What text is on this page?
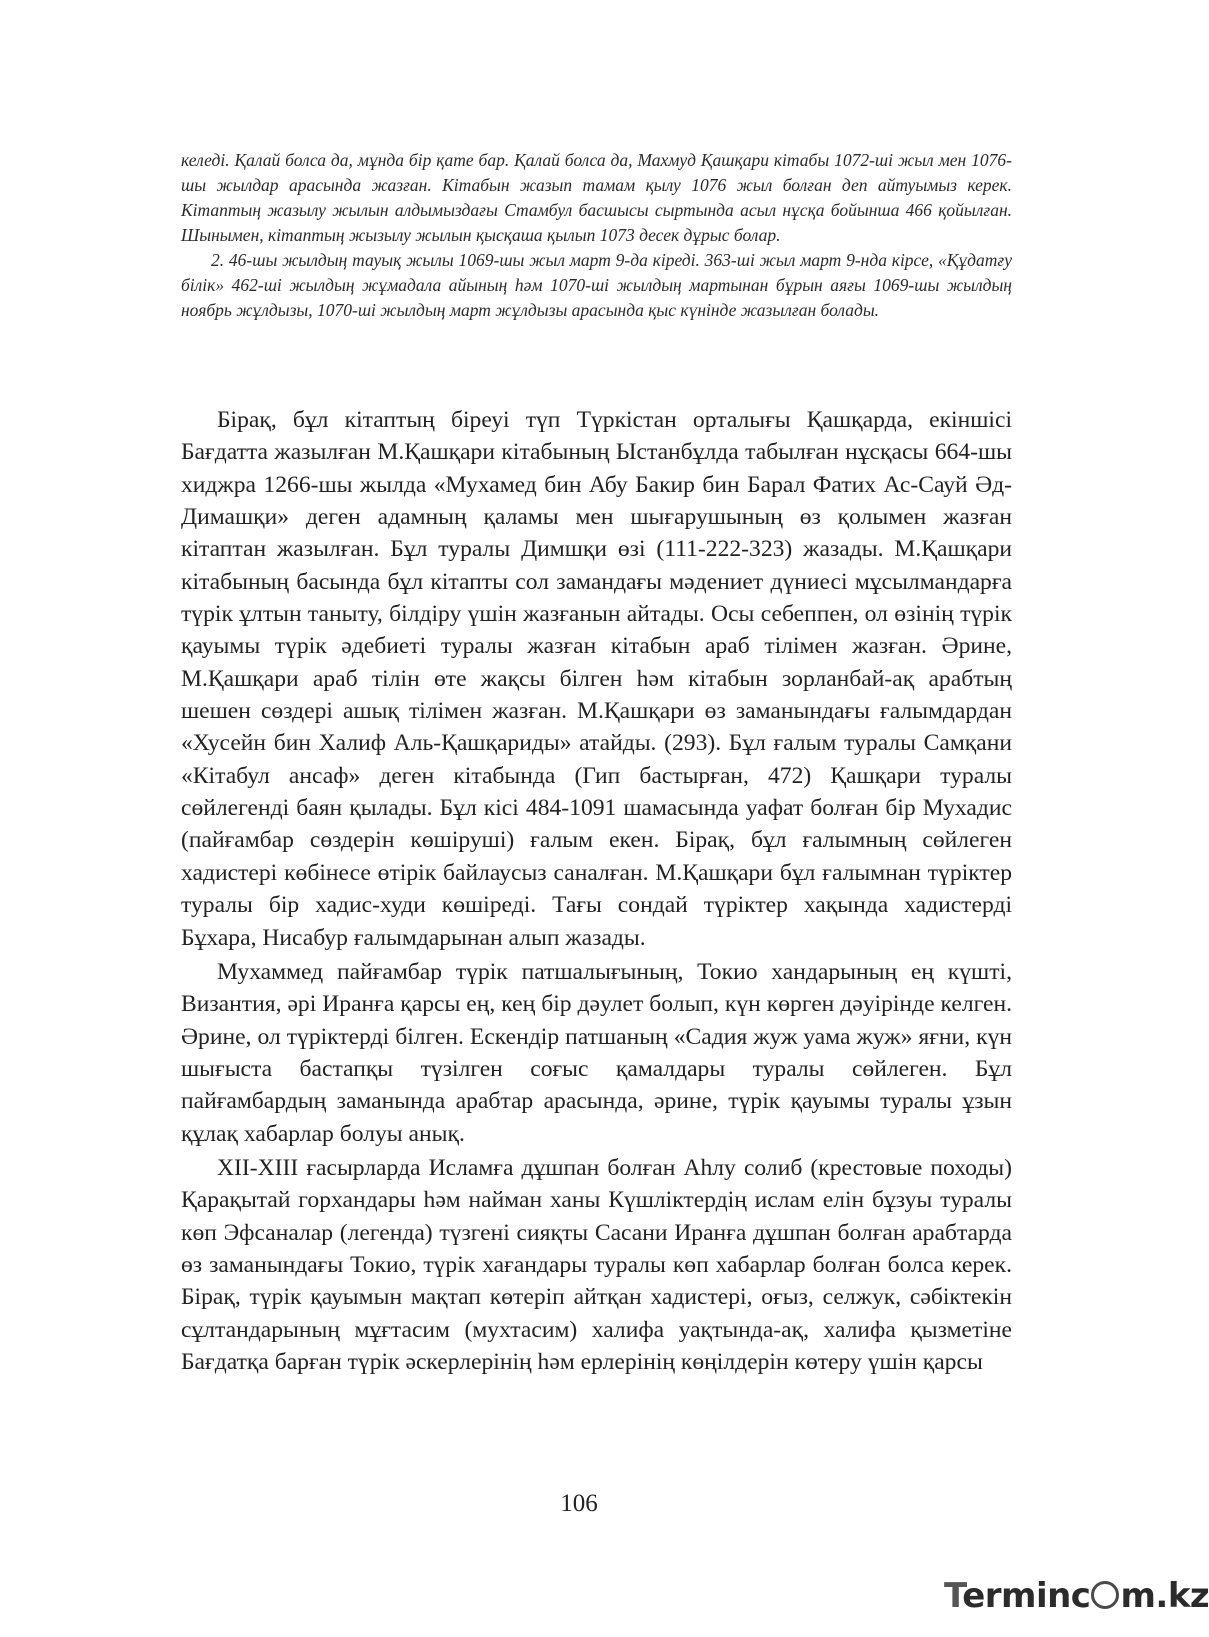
келеді. Қалай болса да, мұнда бір қате бар. Қалай болса да, Махмуд Қашқари кітабы 1072-ші жыл мен 1076-шы жылдар арасында жазған. Кітабын жазып тамам қылу 1076 жыл болған деп айтуымыз керек. Кітаптың жазылу жылын алдымыздағы Стамбул басшысы сыртында асыл нұсқа бойынша 466 қойылған. Шынымен, кітаптың жызылу жылын қысқаша қылып 1073 десек дұрыс болар.

2. 46-шы жылдың тауық жылы 1069-шы жыл март 9-да кіреді. 363-ші жыл март 9-нда кірсе, «Құдатғу білік» 462-ші жылдың жұмадала айының һәм 1070-ші жылдың мартынан бұрын аяғы 1069-шы жылдың ноябрь жұлдызы, 1070-ші жылдың март жұлдызы арасында қыс күнінде жазылған болады.

Бірақ, бұл кітаптың біреуі түп Түркістан орталығы Қашқарда, екіншісі Бағдатта жазылған М.Қашқари кітабының Ыстанбұлда табылған нұсқасы 664-шы хиджра 1266-шы жылда «Мухамед бин Абу Бакир бин Барал Фатих Ас-Сауй Әд-Димашқи» деген адамның қаламы мен шығарушының өз қолымен жазған кітаптан жазылған. Бұл туралы Димшқи өзі (111-222-323) жазады. М.Қашқари кітабының басында бұл кітапты сол замандағы мәдениет дүниесі мұсылмандарға түрік ұлтын таныту, білдіру үшін жазғанын айтады. Осы себеппен, ол өзінің түрік қауымы түрік әдебиеті туралы жазған кітабын араб тілімен жазған. Әрине, М.Қашқари араб тілін өте жақсы білген һәм кітабын зорланбай-ақ арабтың шешен сөздері ашық тілімен жазған. М.Қашқари өз заманындағы ғалымдардан «Хусейн бин Халиф Аль-Қашқариды» атайды. (293). Бұл ғалым туралы Самқани «Кітабул ансаф» деген кітабында (Гип бастырған, 472) Қашқари туралы сөйлегенді баян қылады. Бұл кісі 484-1091 шамасында уафат болған бір Мухадис (пайғамбар сөздерін көшіруші) ғалым екен. Бірақ, бұл ғалымның сөйлеген хадистері көбінесе өтірік байлаусыз саналған. М.Қашқари бұл ғалымнан түріктер туралы бір хадис-худи көшіреді. Тағы сондай түріктер хақында хадистерді Бұхара, Нисабур ғалымдарынан алып жазады.

Мухаммед пайғамбар түрік патшалығының, Токио хандарының ең күшті, Византия, әрі Иранға қарсы ең, кең бір дәулет болып, күн көрген дәуірінде келген. Әрине, ол түріктерді білген. Ескендір патшаның «Садия жуж уама жуж» яғни, күн шығыста бастапқы түзілген соғыс қамалдары туралы сөйлеген. Бұл пайғамбардың заманында арабтар арасында, әрине, түрік қауымы туралы ұзын құлақ хабарлар болуы анық.

XII-XIII ғасырларда Исламға дұшпан болған Аһлу солиб (крестовые походы) Қарақытай горхандары һәм найман ханы Күшліктердің ислам елін бұзуы туралы көп Эфсаналар (легенда) түзгені сияқты Сасани Иранға дұшпан болған арабтарда өз заманындағы Токио, түрік хағандары туралы көп хабарлар болған болса керек. Бірақ, түрік қауымын мақтап көтеріп айтқан хадистері, оғыз, селжук, сәбіктекін сұлтандарының мұғтасим (мухтасим) халифа уақтында-ақ, халифа қызметіне Бағдатқа барған түрік әскерлерінің һәм ерлерінің көңілдерін көтеру үшін қарсы

106
Terminc m.kz
